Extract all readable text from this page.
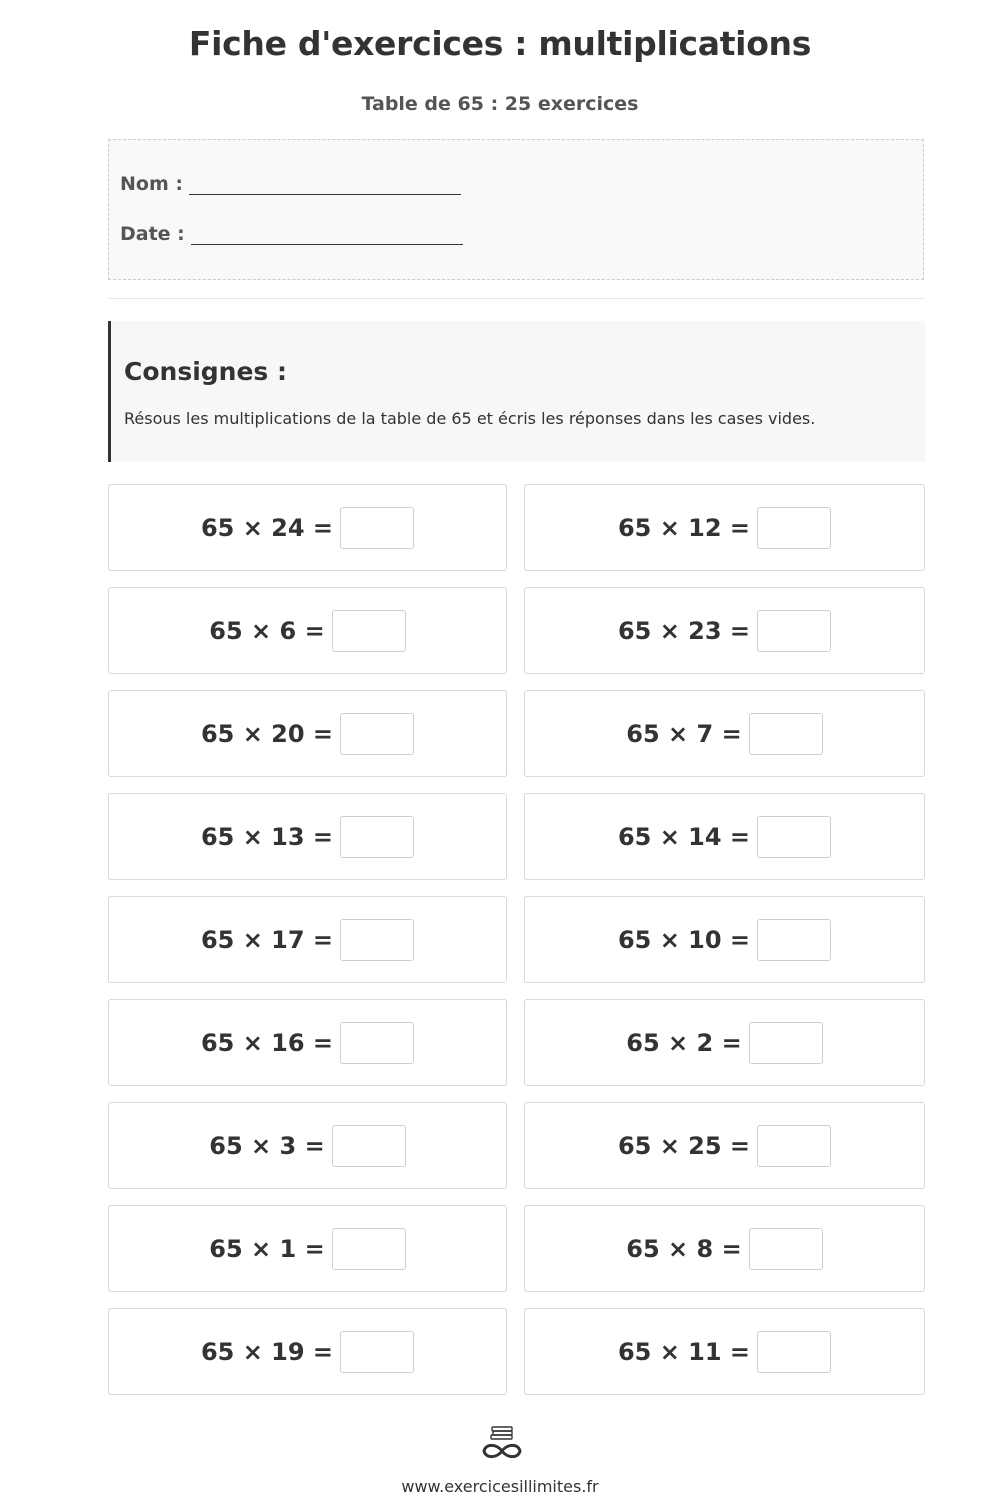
Fiche d'exercices : multiplications
Table de 65 : 25 exercices
Nom :
Date :
Consignes :
Résous les multiplications de la table de 65 et écris les réponses dans les cases vides.
65 × 24 =	65 × 12 =
65 × 6 =	65 × 23 =
65 × 20 =	65 × 7 =
65 × 13 =	65 × 14 =
65 × 17 =	65 × 10 =
65 × 16 =	65 × 2 =
65 × 3 =	65 × 25 =
65 × 1 =	65 × 8 =
65 × 19 =	65 × 11 =
www.exercicesillimites.fr
